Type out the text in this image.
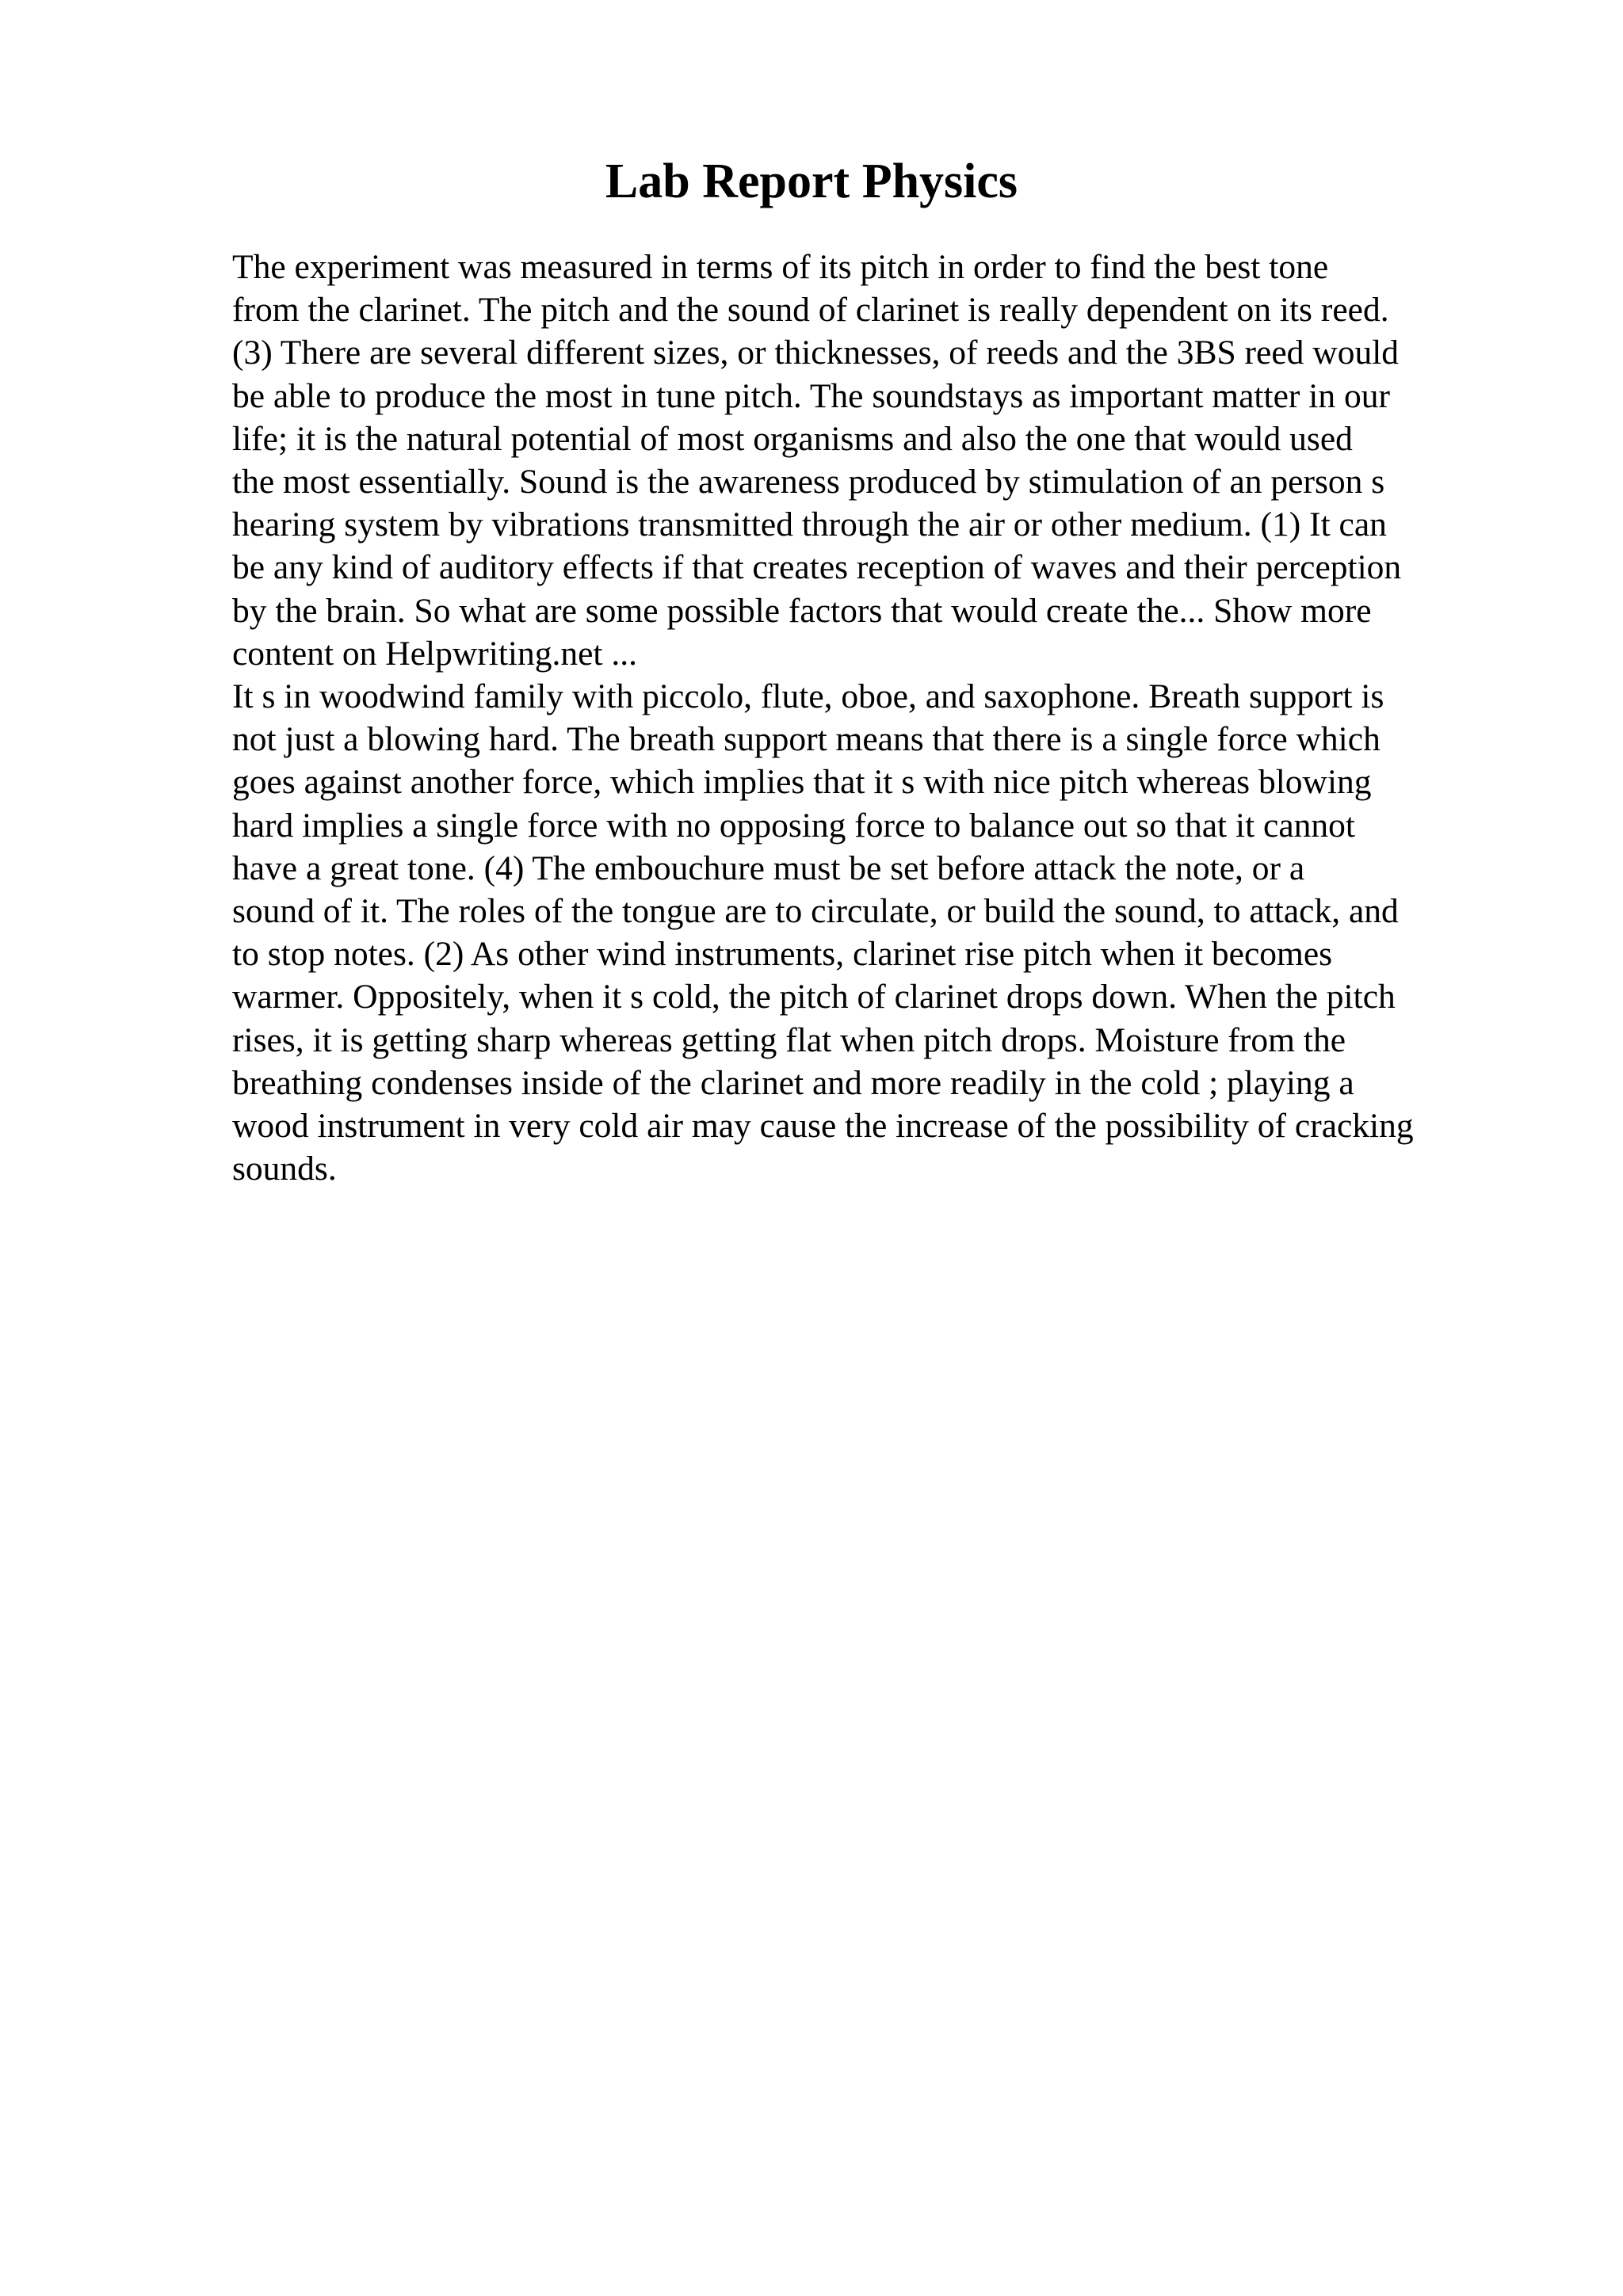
Lab Report Physics
The experiment was measured in terms of its pitch in order to find the best tone
from the clarinet. The pitch and the sound of clarinet is really dependent on its reed.
(3) There are several different sizes, or thicknesses, of reeds and the 3BS reed would
be able to produce the most in tune pitch. The soundstays as important matter in our
life; it is the natural potential of most organisms and also the one that would used
the most essentially. Sound is the awareness produced by stimulation of an person s
hearing system by vibrations transmitted through the air or other medium. (1) It can
be any kind of auditory effects if that creates reception of waves and their perception
by the brain. So what are some possible factors that would create the... Show more
content on Helpwriting.net ...
It s in woodwind family with piccolo, flute, oboe, and saxophone. Breath support is
not just a blowing hard. The breath support means that there is a single force which
goes against another force, which implies that it s with nice pitch whereas blowing
hard implies a single force with no opposing force to balance out so that it cannot
have a great tone. (4) The embouchure must be set before attack the note, or a
sound of it. The roles of the tongue are to circulate, or build the sound, to attack, and
to stop notes. (2) As other wind instruments, clarinet rise pitch when it becomes
warmer. Oppositely, when it s cold, the pitch of clarinet drops down. When the pitch
rises, it is getting sharp whereas getting flat when pitch drops. Moisture from the
breathing condenses inside of the clarinet and more readily in the cold ; playing a
wood instrument in very cold air may cause the increase of the possibility of cracking
sounds.
